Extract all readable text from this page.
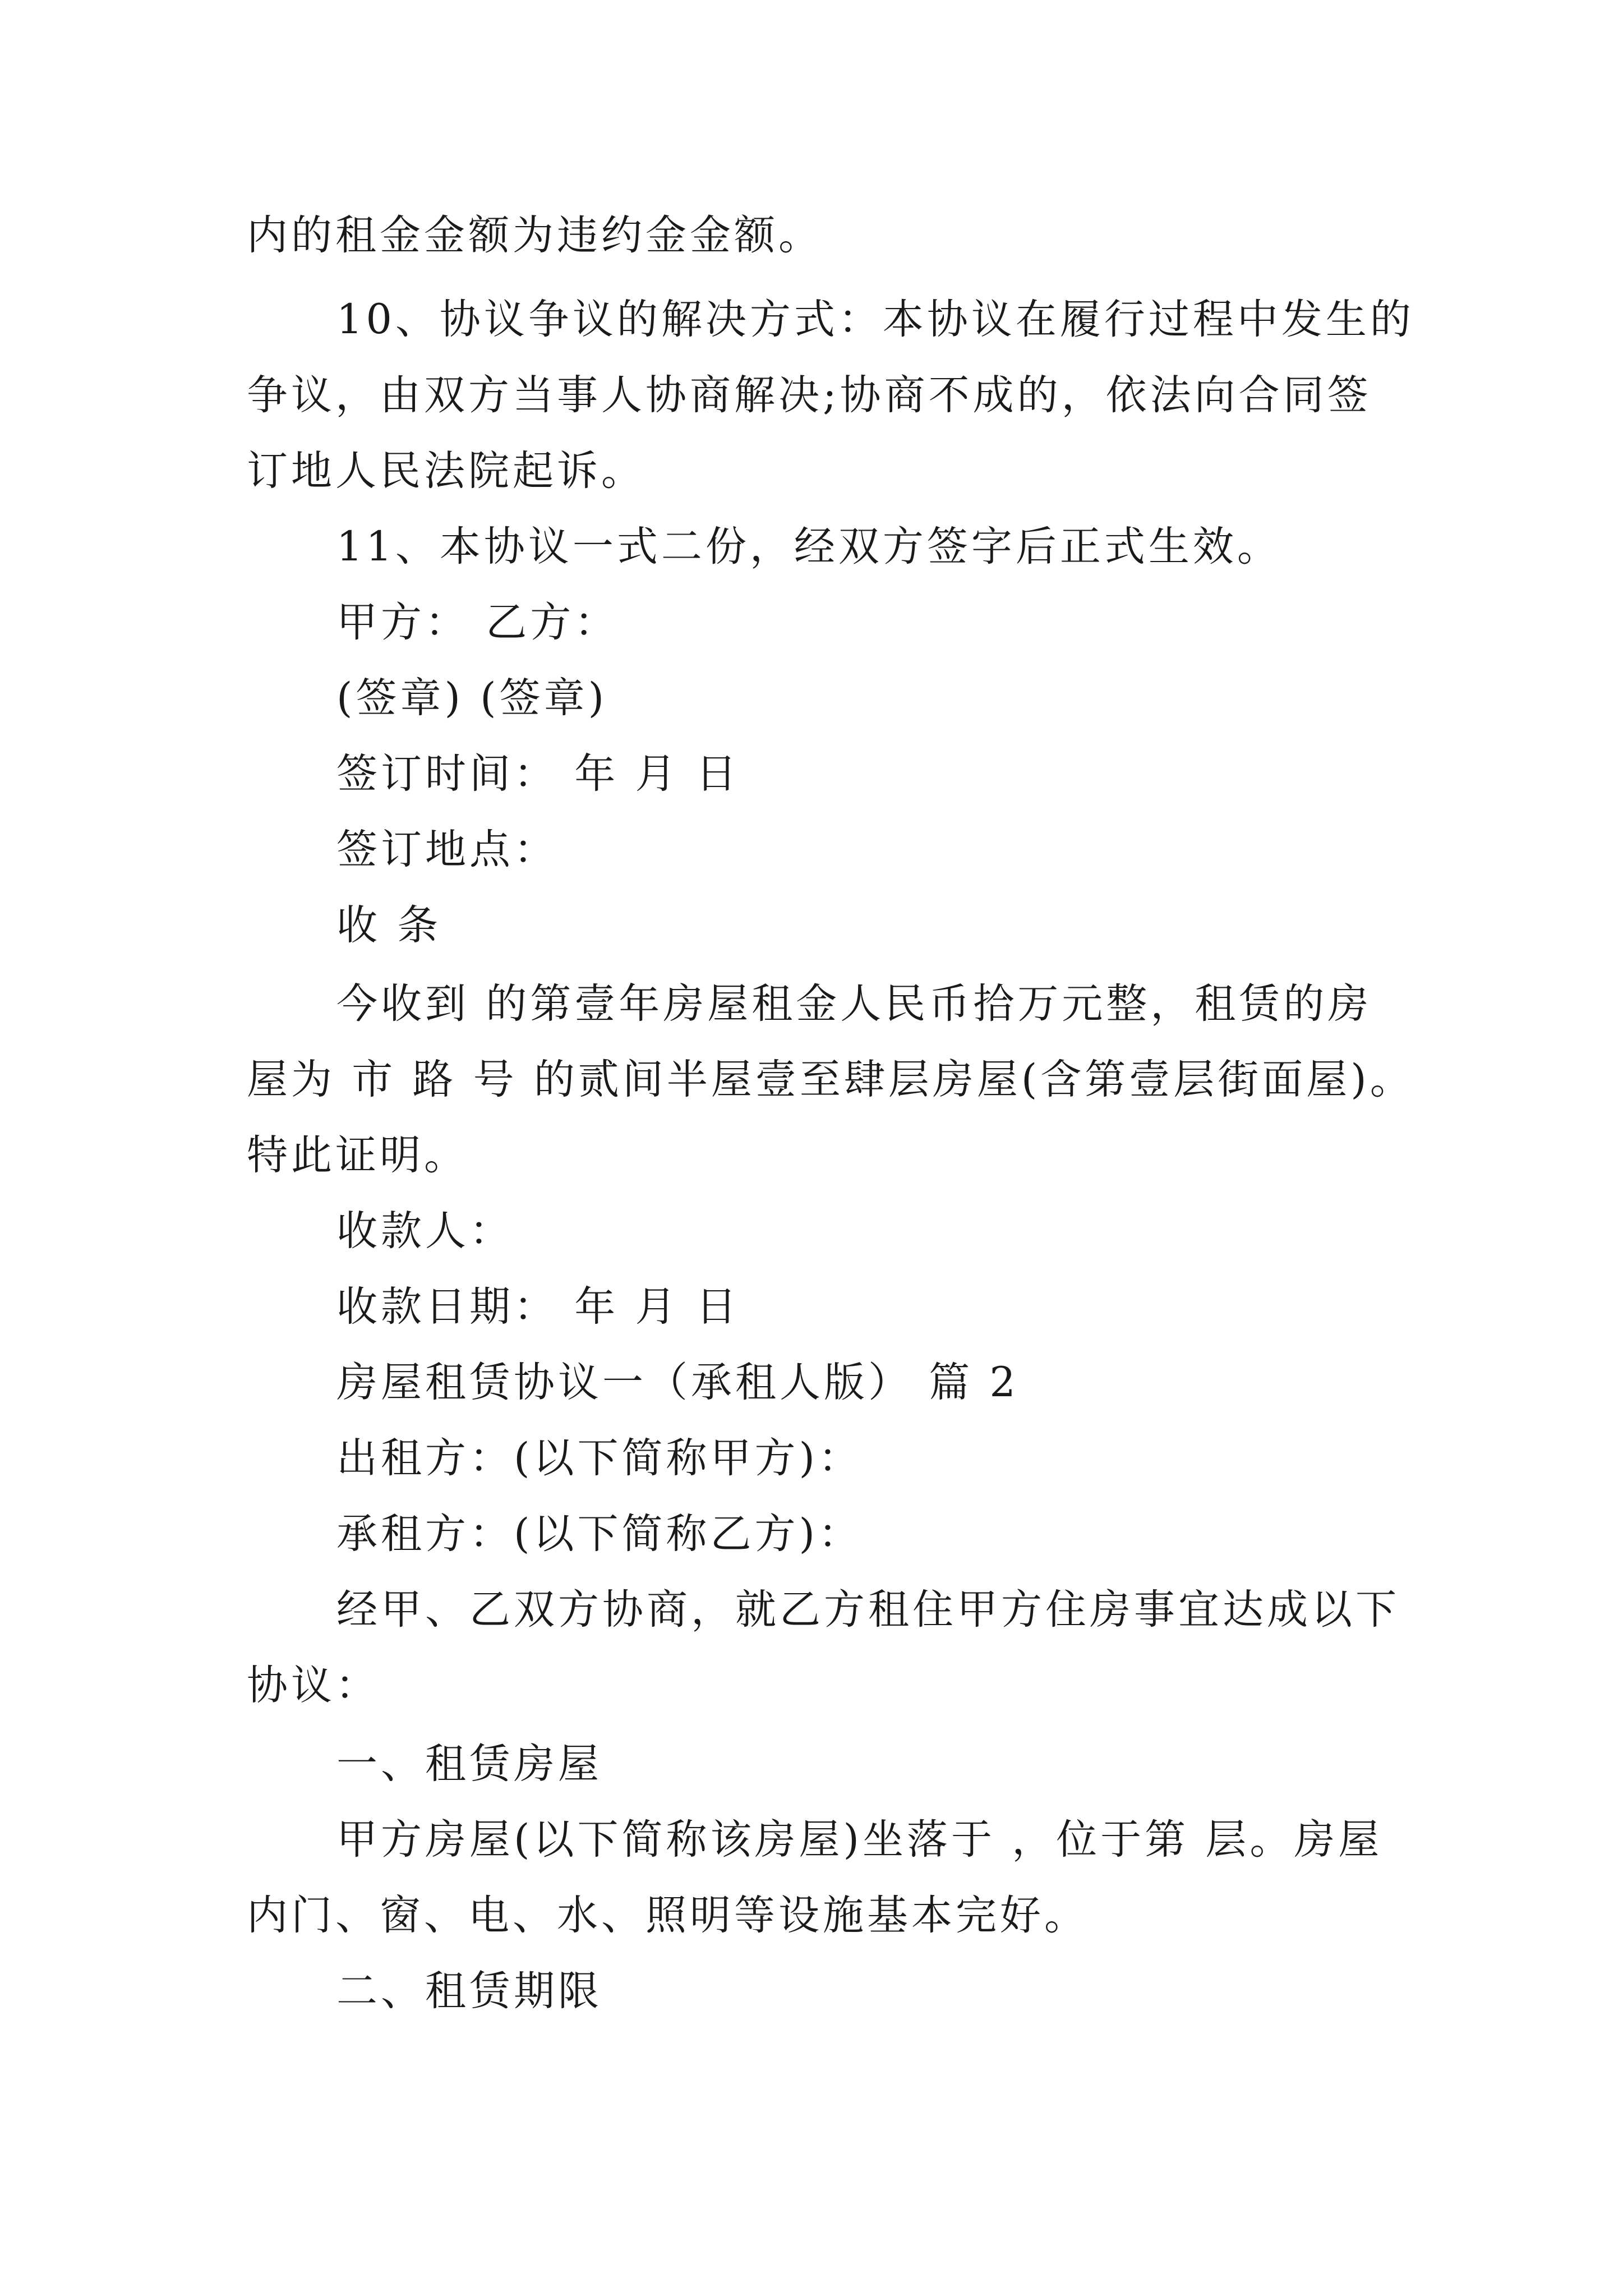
内的租金金额为违约金金额。

10、协议争议的解决方式：本协议在履行过程中发生的

争议，由双方当事人协商解决;协商不成的，依法向合同签

订地人民法院起诉。

11、本协议一式二份，经双方签字后正式生效。

甲方： 乙方：

(签章) (签章)

签订时间： 年 月 日

签订地点：

收 条

今收到 的第壹年房屋租金人民币拾万元整，租赁的房

屋为 市 路 号 的贰间半屋壹至肆层房屋(含第壹层街面屋)。

特此证明。

收款人：

收款日期： 年 月 日

房屋租赁协议一（承租人版） 篇 2

出租方：(以下简称甲方)：

承租方：(以下简称乙方)：

经甲、乙双方协商，就乙方租住甲方住房事宜达成以下

协议：

一、租赁房屋

甲方房屋(以下简称该房屋)坐落于 ，位于第 层。房屋

内门、窗、电、水、照明等设施基本完好。

二、租赁期限
